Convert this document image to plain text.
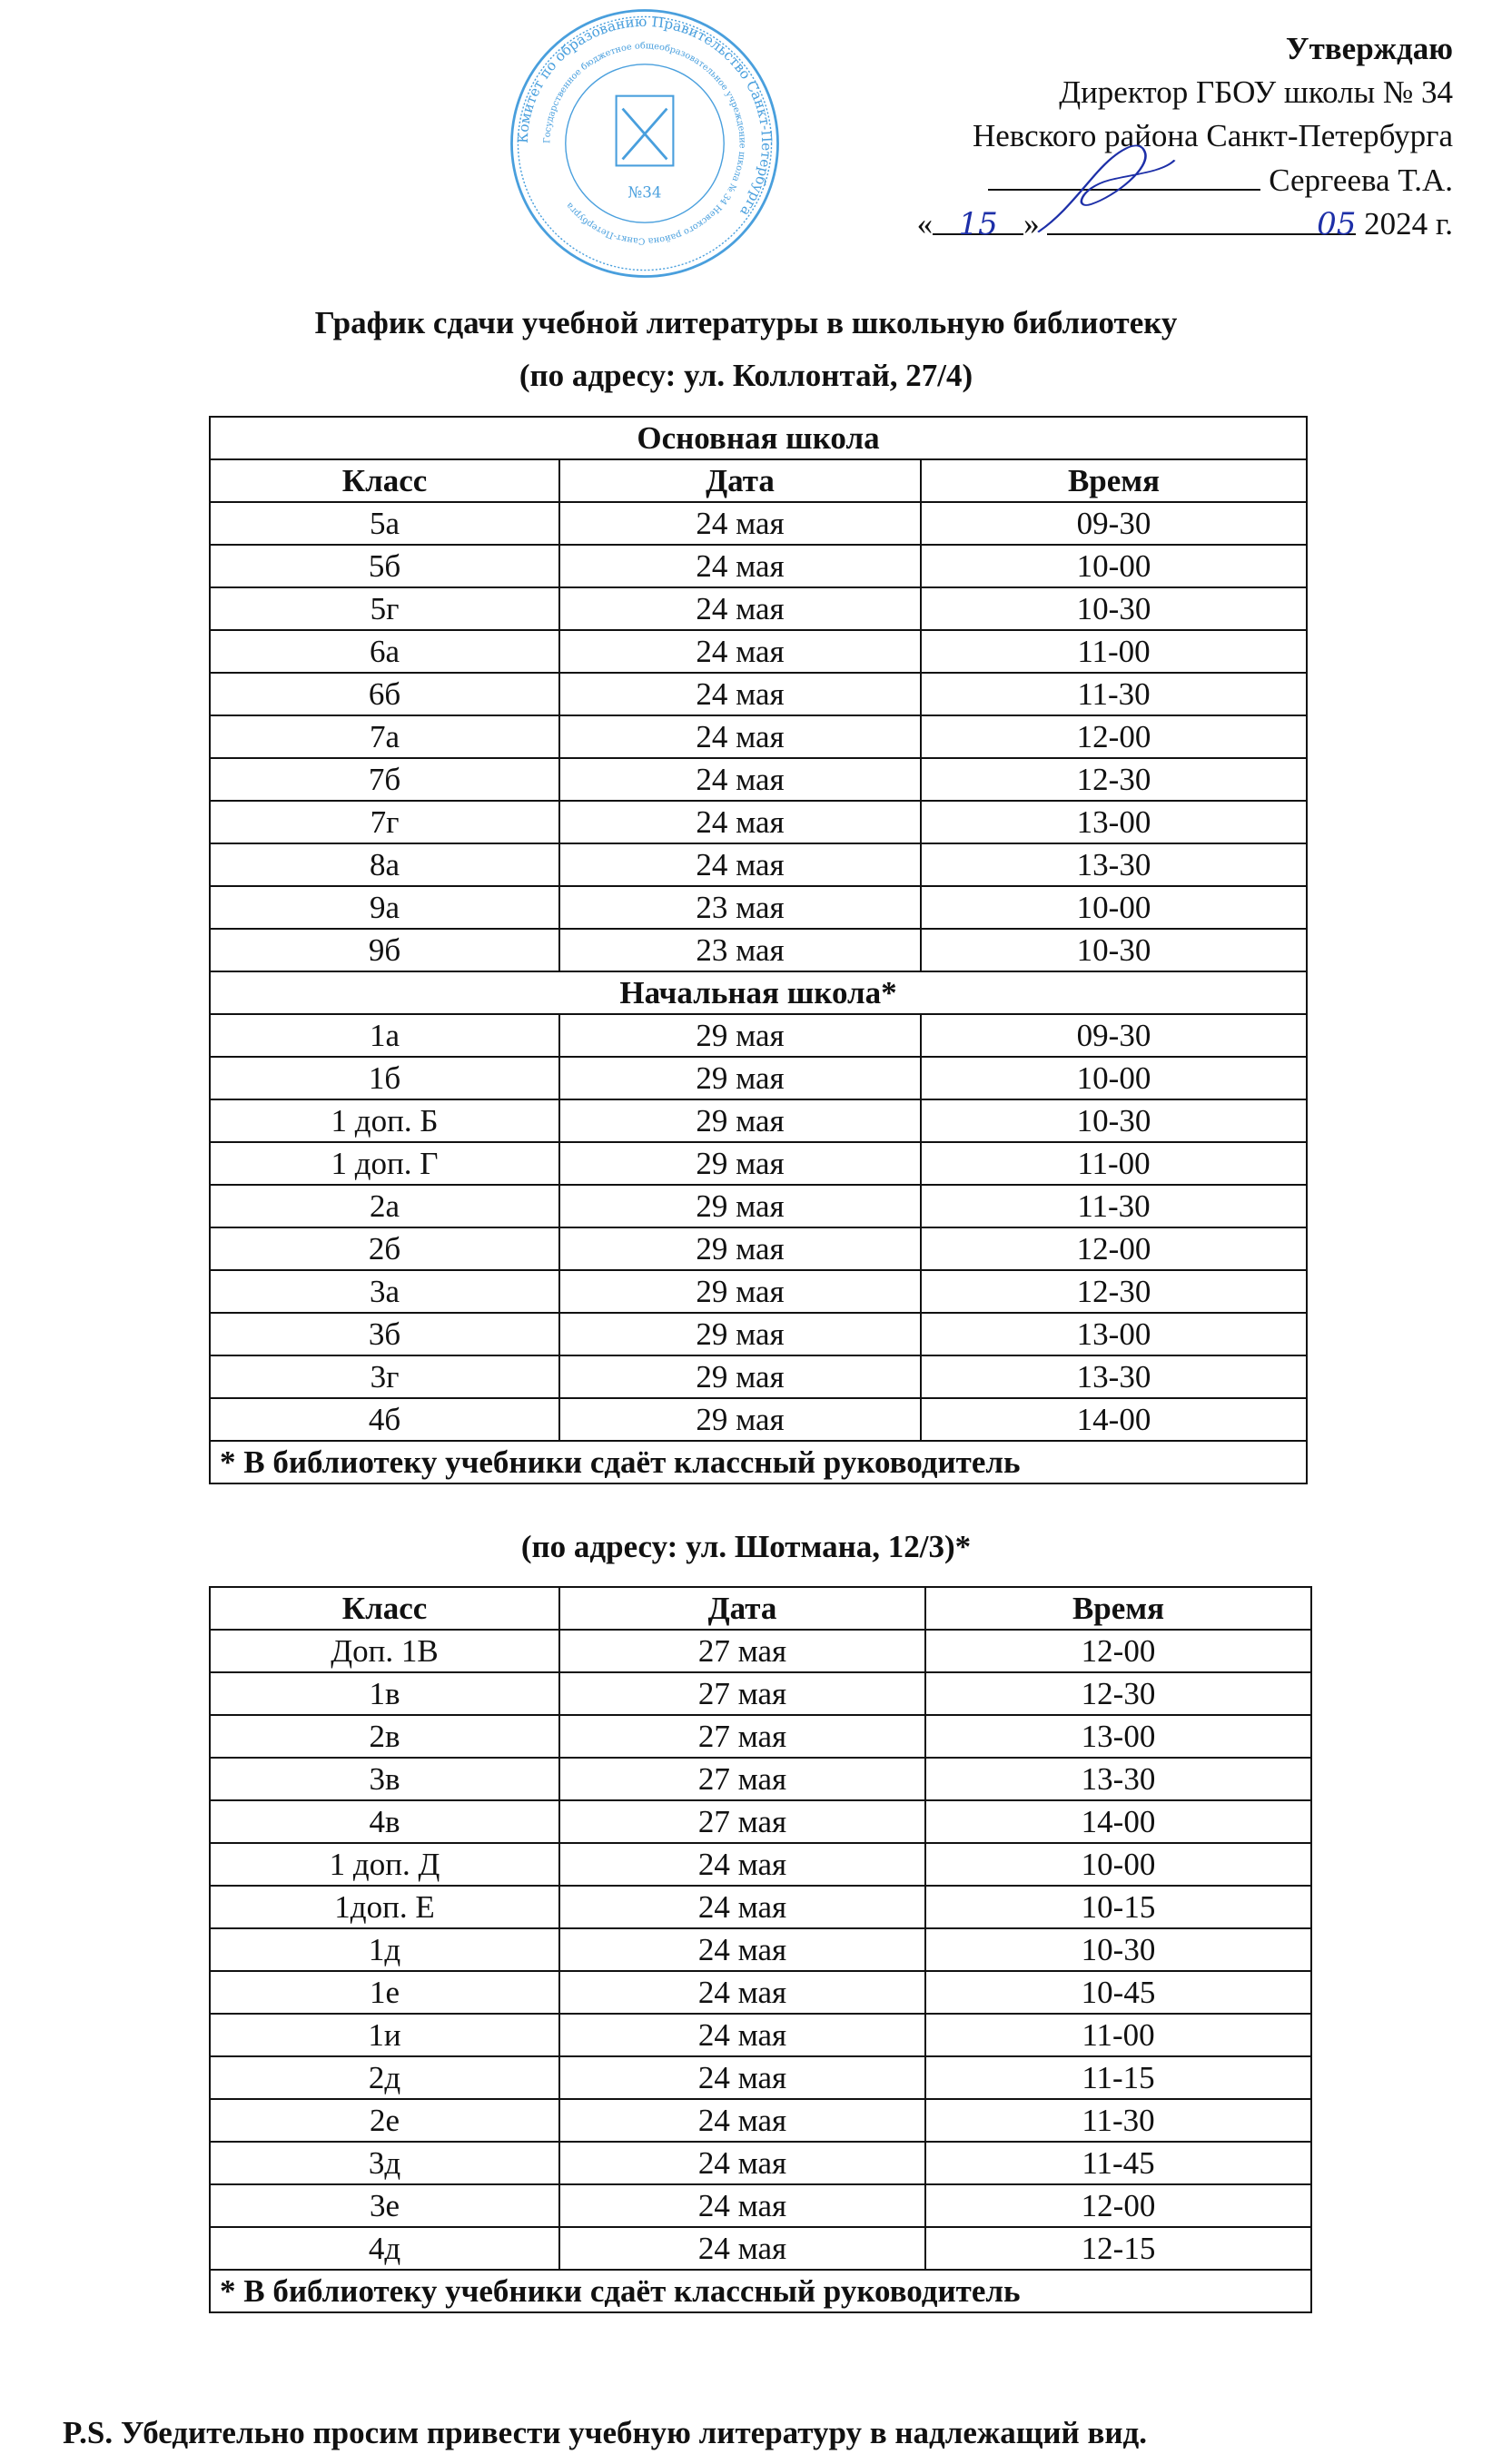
Комитет по образованию Правительство Санкт-Петербурга
Государственное бюджетное общеобразовательное учреждение школа № 34 Невского района Санкт-Петербурга
№34
Утверждаю
Директор ГБОУ школы № 34
Невского района Санкт-Петербурга
Сергеева Т.А.
« 15 »	05 2024 г.
График сдачи учебной литературы в школьную библиотеку
(по адресу: ул. Коллонтай, 27/4)
Основная школа		
Класс	Дата	Время
5а	24 мая	09-30
5б	24 мая	10-00
5г	24 мая	10-30
6а	24 мая	11-00
6б	24 мая	11-30
7а	24 мая	12-00
7б	24 мая	12-30
7г	24 мая	13-00
8а	24 мая	13-30
9а	23 мая	10-00
9б	23 мая	10-30
Начальная школа*		
1а	29 мая	09-30
1б	29 мая	10-00
1 доп. Б	29 мая	10-30
1 доп. Г	29 мая	11-00
2а	29 мая	11-30
2б	29 мая	12-00
3а	29 мая	12-30
3б	29 мая	13-00
3г	29 мая	13-30
4б	29 мая	14-00
* В библиотеку учебники сдаёт классный руководитель		
(по адресу: ул. Шотмана, 12/3)*
Класс	Дата	Время
Доп. 1В	27 мая	12-00
1в	27 мая	12-30
2в	27 мая	13-00
3в	27 мая	13-30
4в	27 мая	14-00
1 доп. Д	24 мая	10-00
1доп. Е	24 мая	10-15
1д	24 мая	10-30
1е	24 мая	10-45
1и	24 мая	11-00
2д	24 мая	11-15
2е	24 мая	11-30
3д	24 мая	11-45
3е	24 мая	12-00
4д	24 мая	12-15
* В библиотеку учебники сдаёт классный руководитель		
P.S. Убедительно просим привести учебную литературу в надлежащий вид.
